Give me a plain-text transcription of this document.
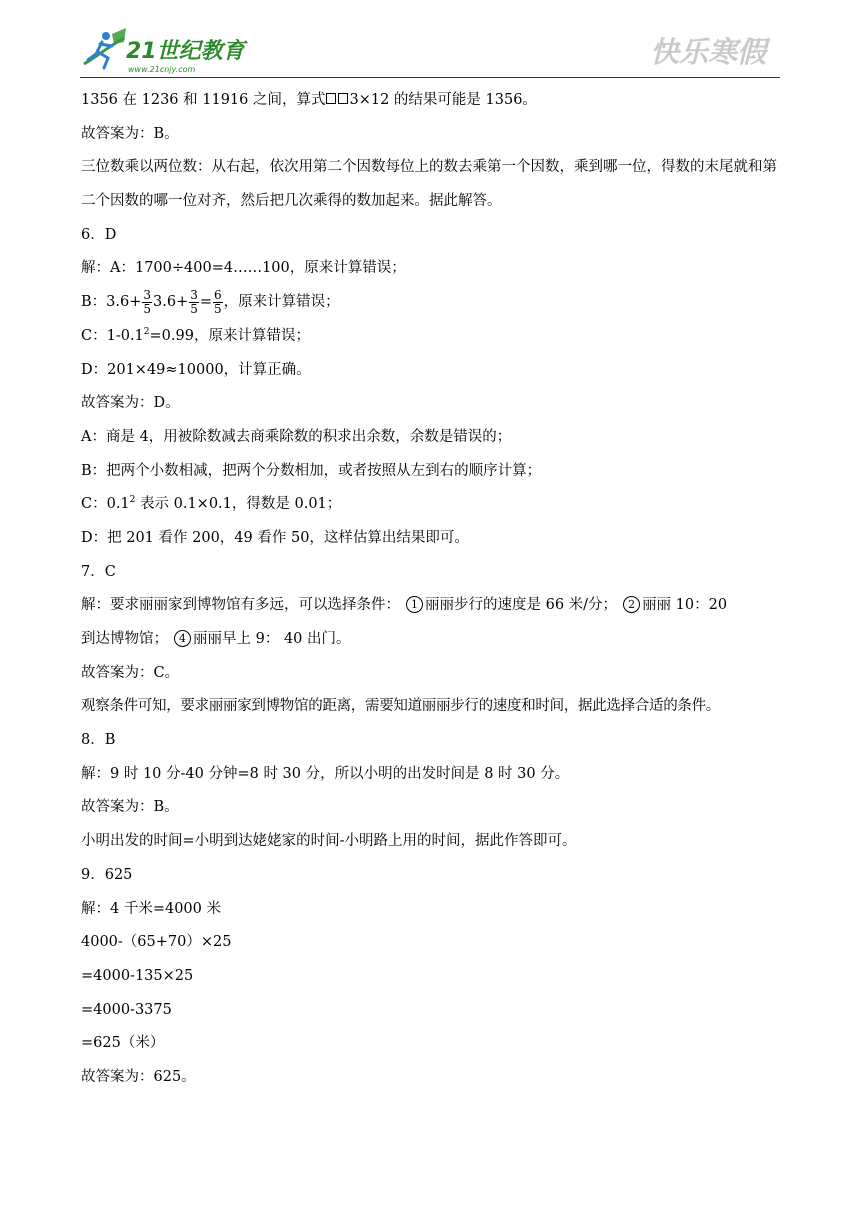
21世纪教育
www.21cnjy.com
快乐寒假
1356 在 1236 和 11916 之间，算式 3×12 的结果可能是 1356。
故答案为：B。
三位数乘以两位数：从右起，依次用第二个因数每位上的数去乘第一个因数，乘到哪一位，得数的末尾就和第二个因数的哪一位对齐，然后把几次乘得的数加起来。据此解答。
6．D
解：A：1700÷400=4……100，原来计算错误；
B：$3.6+ \frac{3}{5} 3.6+ \frac{3}{5} = \frac{6}{5}$ ，原来计算错误；
C：$1-0.1^2=0.99$，原来计算错误；
D：201×49≈10000，计算正确。
故答案为：D。
A：商是 4，用被除数减去商乘除数的积求出余数，余数是错误的；
B：把两个小数相减，把两个分数相加，或者按照从左到右的顺序计算；
C：$0.1^2$ 表示 0.1×0.1，得数是 0.01；
D：把 201 看作 200，49 看作 50，这样估算出结果即可。
7．C
解：要求丽丽家到博物馆有多远，可以选择条件： 1 丽丽步行的速度是 66 米/分； 2 丽丽 10：20
到达博物馆； 4 丽丽早上 9： 40 出门。
故答案为：C。
观察条件可知，要求丽丽家到博物馆的距离，需要知道丽丽步行的速度和时间，据此选择合适的条件。
8．B
解：9 时 10 分-40 分钟=8 时 30 分，所以小明的出发时间是 8 时 30 分。
故答案为：B。
小明出发的时间=小明到达姥姥家的时间-小明路上用的时间，据此作答即可。
9．625
解：4 千米=4000 米
4000-（65+70）×25
=4000-135×25
=4000-3375
=625（米）
故答案为：625。
